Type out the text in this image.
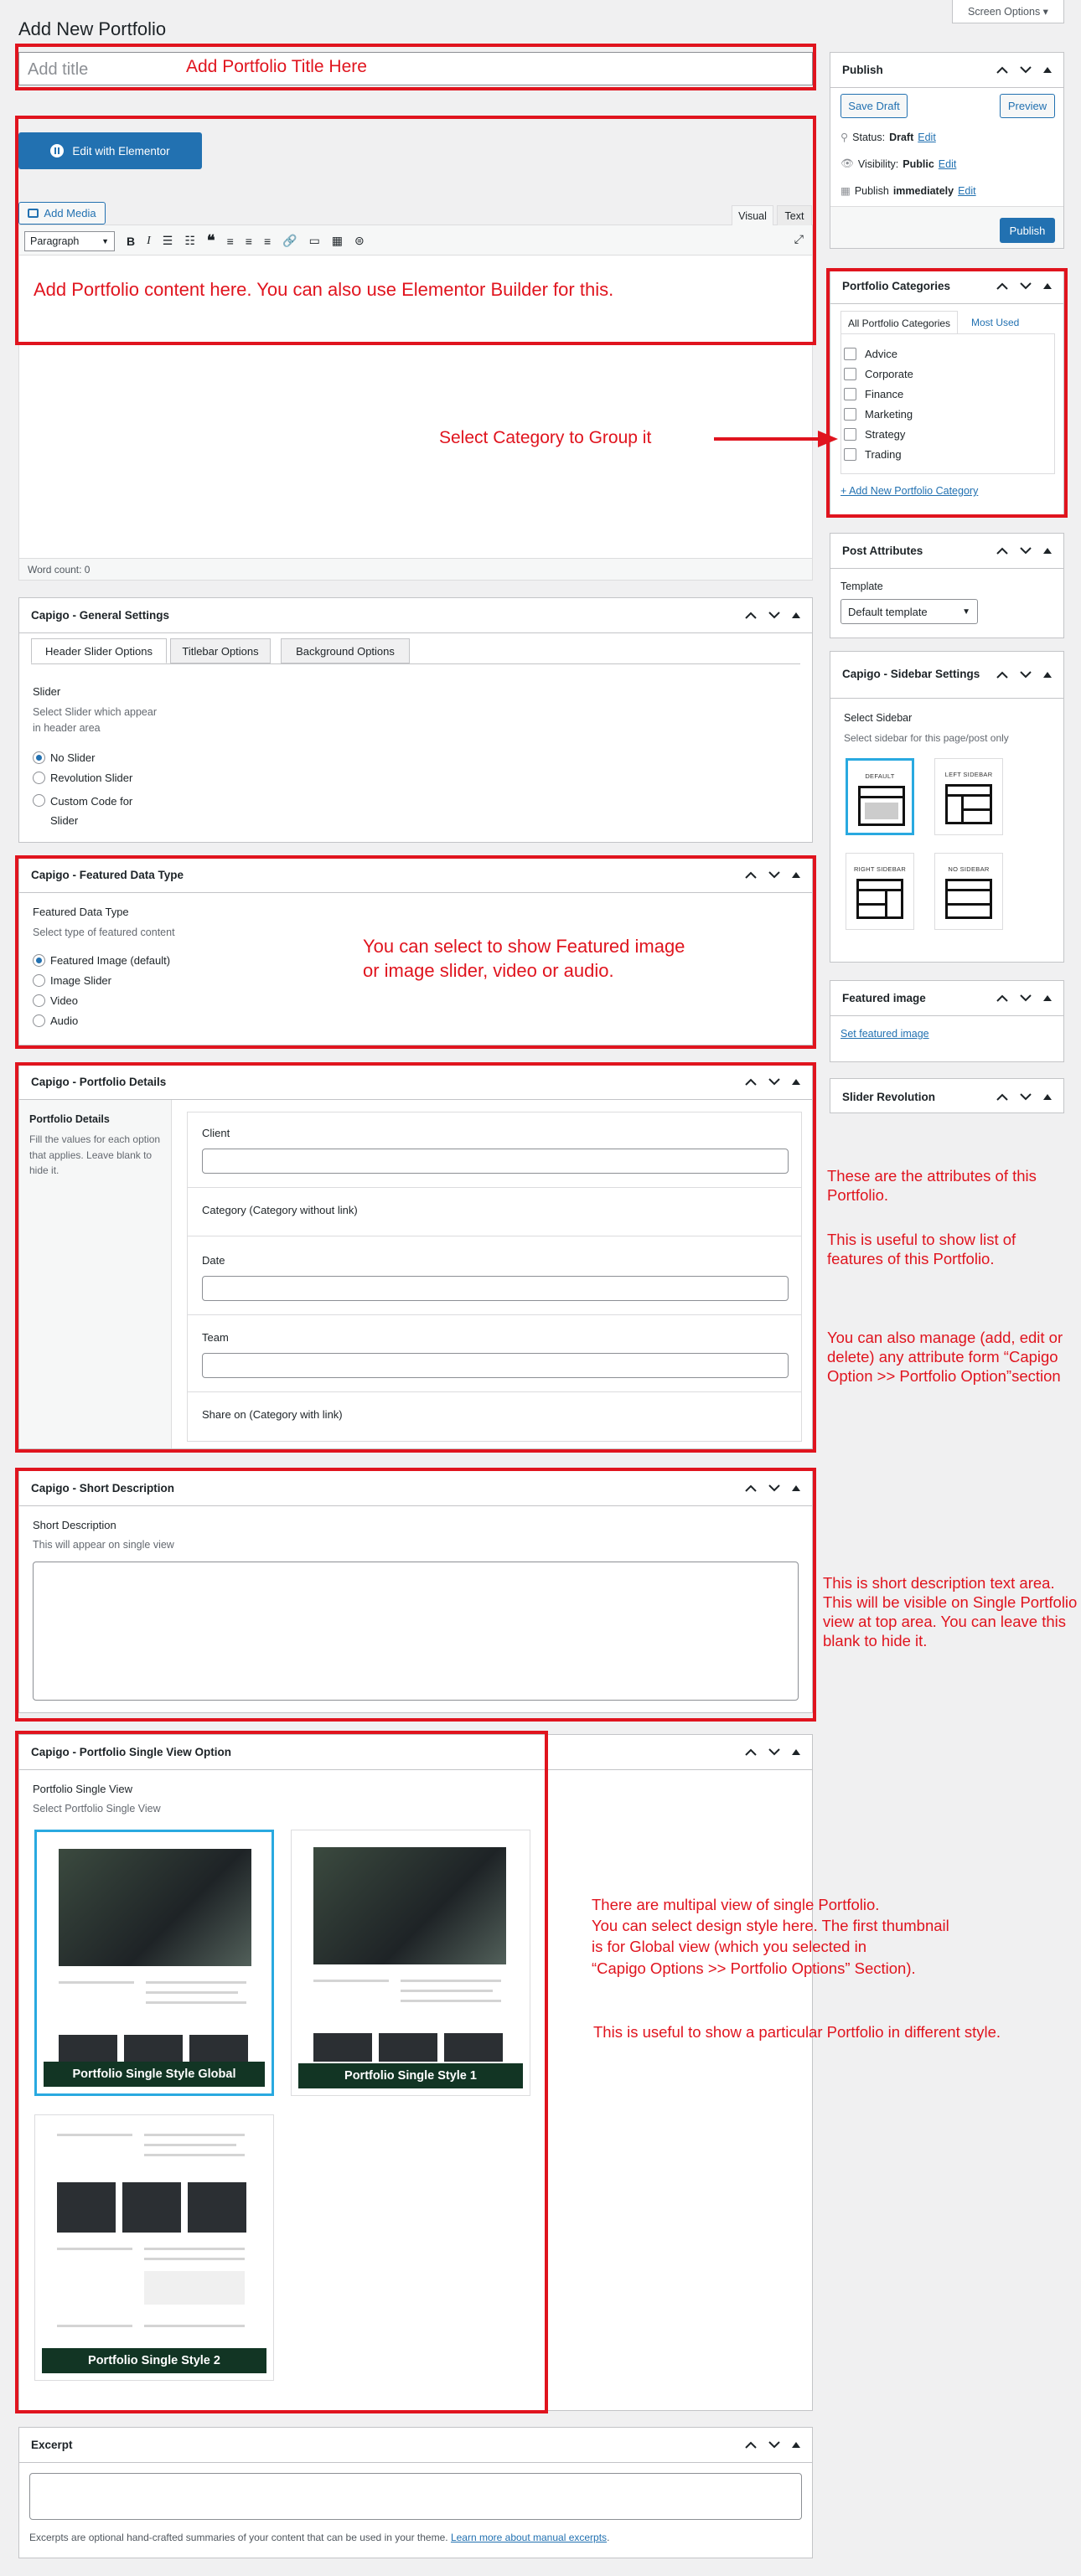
Add New Portfolio
Screen Options ▾
Add title
Edit with Elementor
Add Media
Paragraph	▼ B I ☰ ☷ ❝ ≡ ≡ ≡ 🔗 ▭ ▦ ⊜	⤢
Word count: 0
Visual	Text
Capigo - General Settings
Header Slider Options	Titlebar Options	Background Options
Slider
Select Slider which appear in header area
No Slider
Revolution Slider
Custom Code for Slider
Capigo - Featured Data Type
Featured Data Type
Select type of featured content
Featured Image (default)
Image Slider
Video
Audio
Capigo - Portfolio Details
Portfolio Details
Fill the values for each option that applies. Leave blank to hide it.
Client
Category (Category without link)
Date
Team
Share on (Category with link)
Capigo - Short Description
Short Description
This will appear on single view
Capigo - Portfolio Single View Option
Portfolio Single View
Select Portfolio Single View
Portfolio Single Style Global	Portfolio Single Style 1
Portfolio Single Style 2
Excerpt
Excerpts are optional hand-crafted summaries of your content that can be used in your theme. Learn more about manual excerpts.
Publish
Save Draft	Preview
⚲ Status: Draft Edit
👁 Visibility: Public Edit
▦ Publish immediately Edit
Publish
Portfolio Categories
All Portfolio Categories	Most Used
Advice
Corporate
Finance
Marketing
Strategy
Trading
+ Add New Portfolio Category
Post Attributes
Template
Default template	▼
Capigo - Sidebar Settings
Select Sidebar
Select sidebar for this page/post only
DEFAULT	LEFT SIDEBAR
RIGHT SIDEBAR	NO SIDEBAR
Featured image
Set featured image
Slider Revolution
Add Portfolio Title Here
Add Portfolio content here. You can also use Elementor Builder for this.
Select Category to Group it
You can select to show Featured image
or image slider, video or audio.
These are the attributes of this Portfolio.
This is useful to show list of features of this Portfolio.
You can also manage (add, edit or delete) any attribute form “Capigo Option >> Portfolio Option”section
This is short description text area. This will be visible on Single Portfolio view at top area. You can leave this blank to hide it.
There are multipal view of single Portfolio.
You can select design style here. The first thumbnail
is for Global view (which you selected in
“Capigo Options >> Portfolio Options” Section).
This is useful to show a particular Portfolio in different style.
